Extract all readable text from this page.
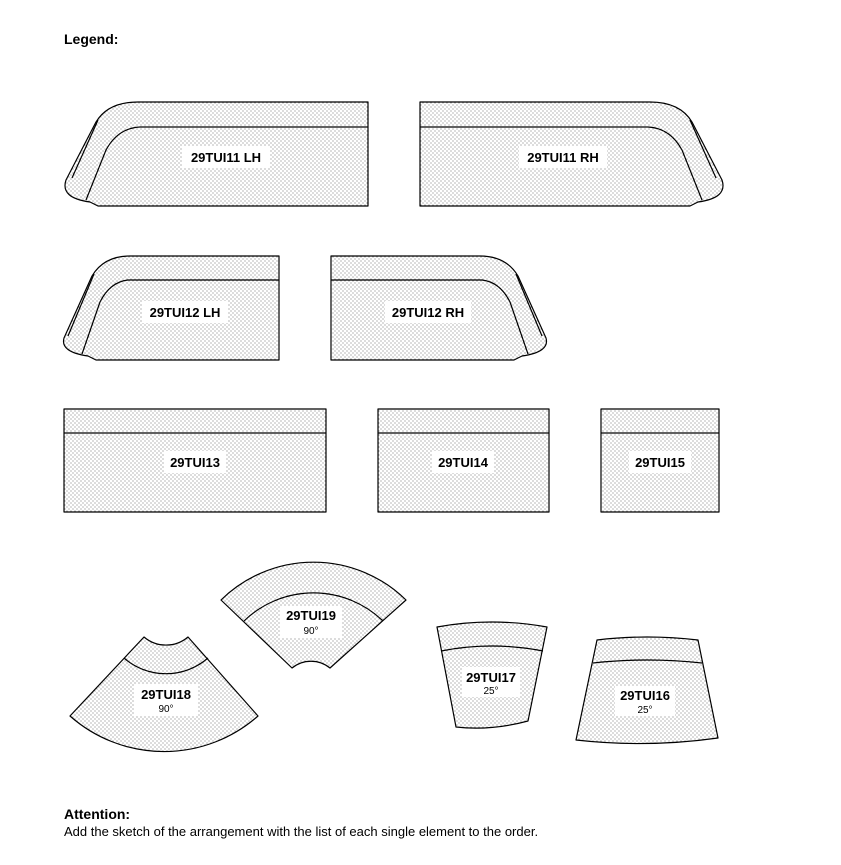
Legend:
29TUI11 LH	29TUI11 RH
29TUI12 LH	29TUI12 RH
29TUI13	29TUI14	29TUI15
29TUI19
90°
29TUI18
90°
29TUI17
25°	29TUI16
25°
Attention:
Add the sketch of the arrangement with the list of each single element to the order.
